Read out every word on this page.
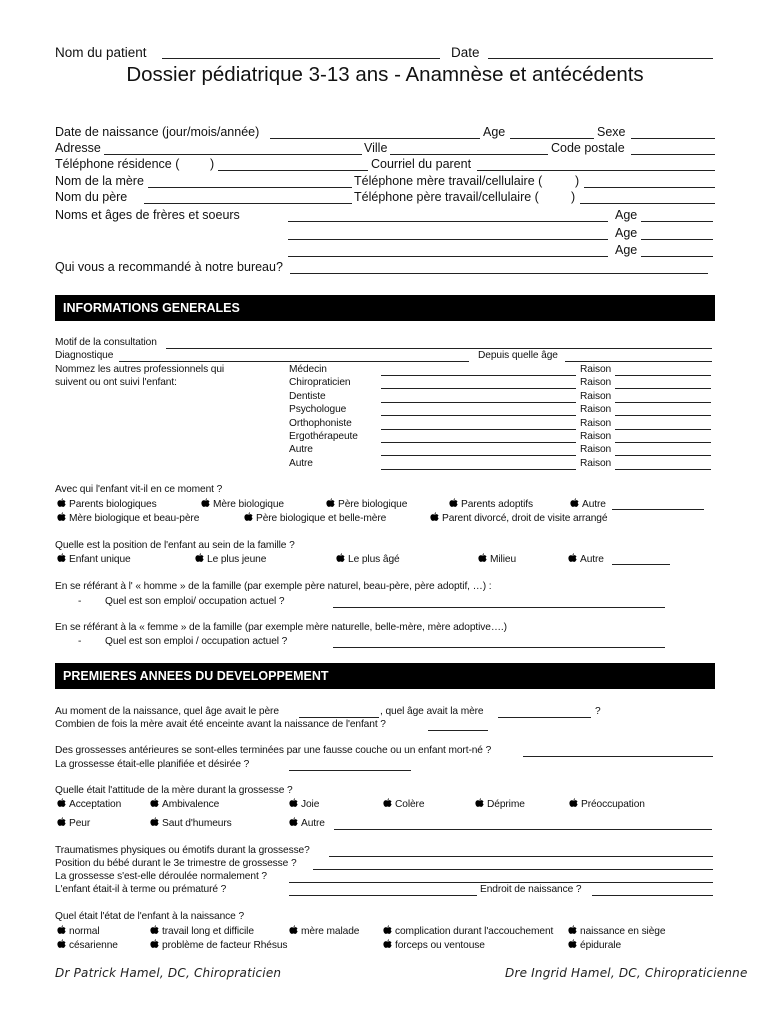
Nom du patient	Date
Dossier pédiatrique 3-13 ans - Anamnèse et antécédents
Date de naissance (jour/mois/année)	Age	Sexe
Adresse	Ville	Code postale
Téléphone résidence ( )	Courriel du parent
Nom de la mère	Téléphone mère travail/cellulaire (	)
Nom du père	Téléphone père travail/cellulaire (	)
Noms et âges de frères et soeurs	Age
Age
Age
Qui vous a recommandé à notre bureau?
INFORMATIONS GENERALES
Motif de la consultation
Diagnostique	Depuis quelle âge
Nommez les autres professionnels qui
suivent ou ont suivi l'enfant:
Médecin	Raison
Chiropraticien	Raison
Dentiste	Raison
Psychologue	Raison
Orthophoniste	Raison
Ergothérapeute	Raison
Autre	Raison
Autre	Raison
Avec qui l'enfant vit-il en ce moment ?
Parents biologiques	Mère biologique	Père biologique	Parents adoptifs	Autre
Mère biologique et beau-père	Père biologique et belle-mère	Parent divorcé, droit de visite arrangé
Quelle est la position de l'enfant au sein de la famille ?
Enfant unique	Le plus jeune	Le plus âgé	Milieu	Autre
En se référant à l' « homme » de la famille (par exemple père naturel, beau-père, père adoptif, …) :
- Quel est son emploi/ occupation actuel ?
En se référant à la « femme » de la famille (par exemple mère naturelle, belle-mère, mère adoptive….)
- Quel est son emploi / occupation actuel ?
PREMIERES ANNEES DU DEVELOPPEMENT
Au moment de la naissance, quel âge avait le père	, quel âge avait la mère	?
Combien de fois la mère avait été enceinte avant la naissance de l'enfant ?
Des grossesses antérieures se sont-elles terminées par une fausse couche ou un enfant mort-né ?
La grossesse était-elle planifiée et désirée ?
Quelle était l'attitude de la mère durant la grossesse ?
Acceptation	Ambivalence	Joie	Colère	Déprime	Préoccupation
Peur	Saut d'humeurs	Autre
Traumatismes physiques ou émotifs durant la grossesse?
Position du bébé durant le 3e trimestre de grossesse ?
La grossesse s'est-elle déroulée normalement ?
L'enfant était-il à terme ou prématuré ?	Endroit de naissance ?
Quel était l'état de l'enfant à la naissance ?
normal	travail long et difficile	mère malade	complication durant l'accouchement	naissance en siège
césarienne	problème de facteur Rhésus	forceps ou ventouse	épidurale
Dr Patrick Hamel, DC, Chiropraticien	Dre Ingrid Hamel, DC, Chiropraticienne
